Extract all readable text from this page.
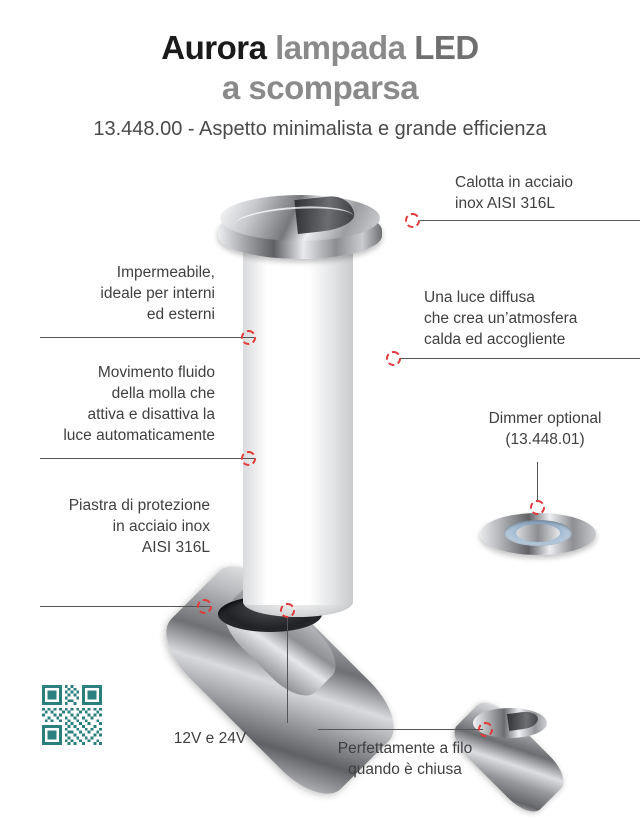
Aurora lampada LED
a scomparsa
13.448.00 - Aspetto minimalista e grande efficienza
Calotta in acciaio
inox AISI 316L
Una luce diffusa
che crea un’atmosfera
calda ed accogliente
Dimmer optional
(13.448.01)
Impermeabile,
ideale per interni
ed esterni
Movimento fluido
della molla che
attiva e disattiva la
luce automaticamente
Piastra di protezione
in acciaio inox
AISI 316L
12V e 24V
Perfettamente a filo
quando è chiusa
